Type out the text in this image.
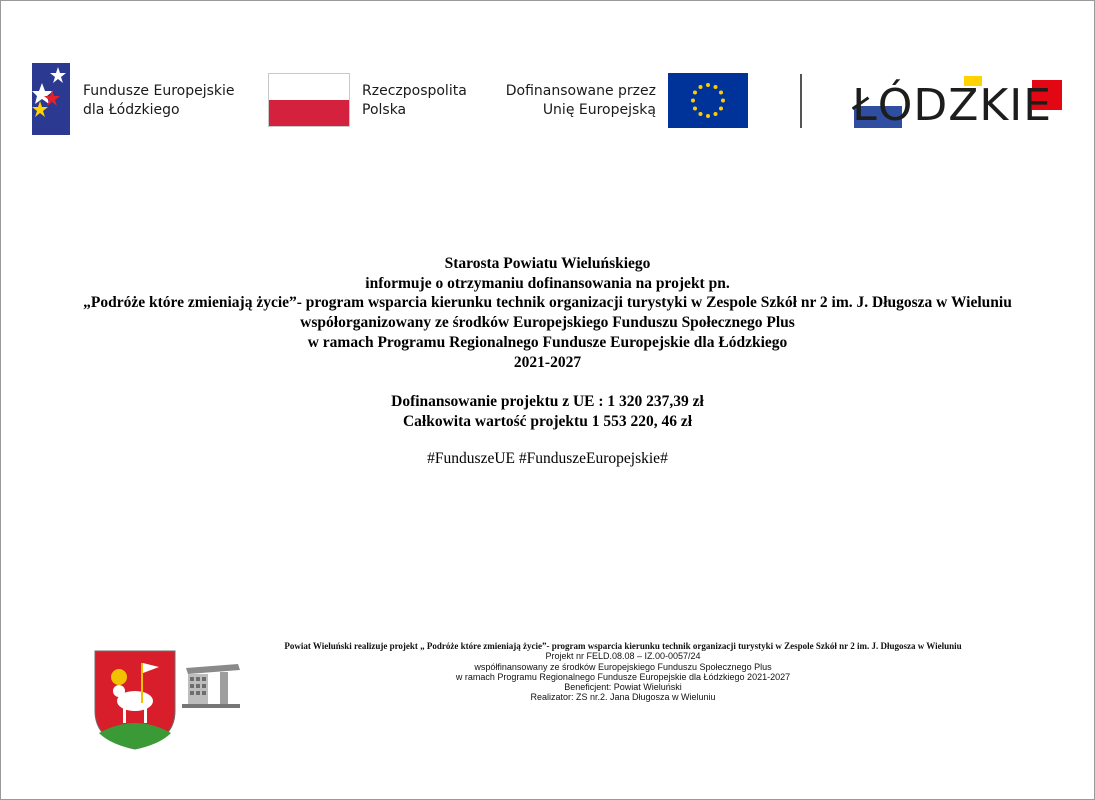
Fundusze Europejskie
dla Łódzkiego
Rzeczpospolita
Polska
Dofinansowane przez
Unię Europejską	ŁÓDZKIE
Starosta Powiatu Wieluńskiego
informuje o otrzymaniu dofinansowania na projekt pn.
„Podróże które zmieniają życie”- program wsparcia kierunku technik organizacji turystyki w Zespole Szkół nr 2 im. J. Długosza w Wieluniu
współorganizowany ze środków Europejskiego Funduszu Społecznego Plus
w ramach Programu Regionalnego Fundusze Europejskie dla Łódzkiego
2021-2027
Dofinansowanie projektu z UE : 1 320 237,39 zł
Całkowita wartość projektu 1 553 220, 46 zł
#FunduszeUE #FunduszeEuropejskie#
Powiat Wieluński realizuje projekt „ Podróże które zmieniają życie”- program wsparcia kierunku technik organizacji turystyki w Zespole Szkół nr 2 im. J. Długosza w Wieluniu
Projekt nr FELD.08.08 – IZ.00-0057/24
współfinansowany ze środków Europejskiego Funduszu Społecznego Plus
w ramach Programu Regionalnego Fundusze Europejskie dla Łódzkiego 2021-2027
Beneficjent: Powiat Wieluński
Realizator: ZS nr.2. Jana Długosza w Wieluniu
